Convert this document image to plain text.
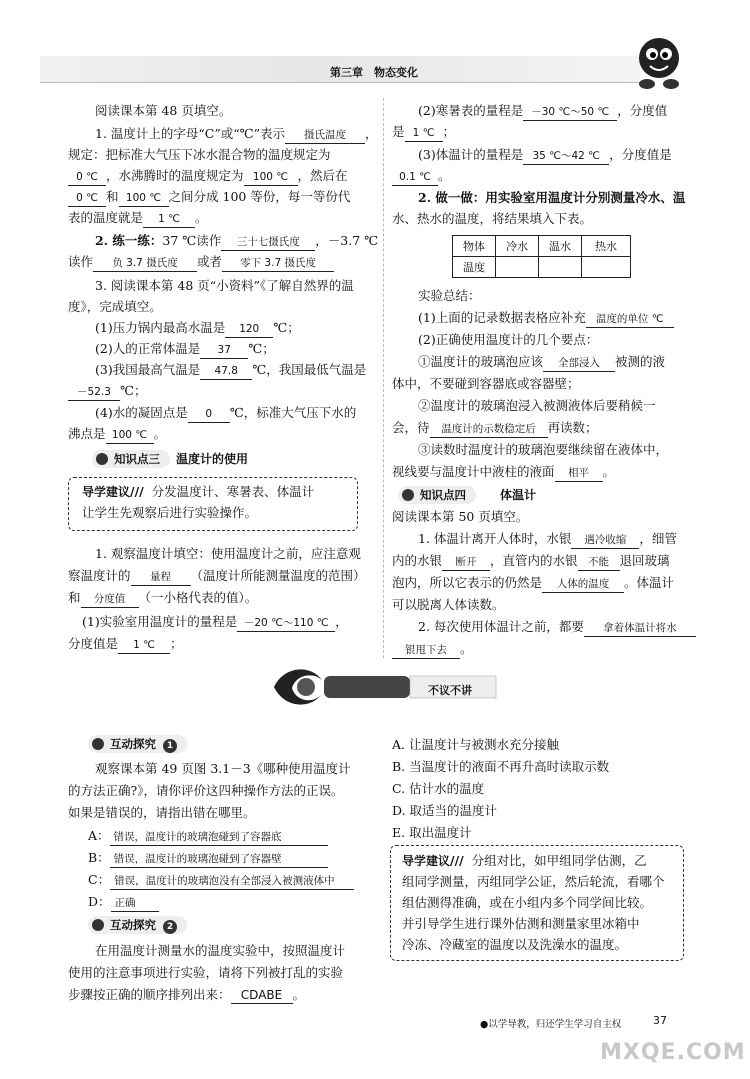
第三章　物态变化
阅读课本第 48 页填空。
1. 温度计上的字母“C”或“℃”表示 摄氏温度 ，
规定：把标准大气压下冰水混合物的温度规定为
0 ℃ ，水沸腾时的温度规定为 100 ℃ ，然后在
0 ℃ 和 100 ℃ 之间分成 100 等份，每一等份代
表的温度就是 1 ℃ 。
2. 练一练：37 ℃读作 三十七摄氏度 ，－3.7 ℃
读作 负 3.7 摄氏度 或者 零下 3.7 摄氏度
3. 阅读课本第 48 页“小资料”《了解自然界的温
度》，完成填空。
(1)压力锅内最高水温是 120 ℃；
(2)人的正常体温是 37 ℃；
(3)我国最高气温是 47.8 ℃，我国最低气温是
－52.3 ℃；
(4)水的凝固点是 0 ℃，标准大气压下水的
沸点是 100 ℃ 。
知识点三	温度计的使用
导学建议/// 分发温度计、寒暑表、体温计
让学生先观察后进行实验操作。
1. 观察温度计填空：使用温度计之前，应注意观
察温度计的 量程 （温度计所能测量温度的范围）
和 分度值 （一小格代表的值）。
(1)实验室用温度计的量程是 －20 ℃～110 ℃ ，
分度值是 1 ℃ ；
(2)寒暑表的量程是 －30 ℃～50 ℃ ，分度值
是 1 ℃ ；
(3)体温计的量程是 35 ℃～42 ℃ ，分度值是
0.1 ℃ 。
2. 做一做：用实验室用温度计分别测量冷水、温
水、热水的温度，将结果填入下表。
物体	冷水	温水	热水
温度			
实验总结：
(1)上面的记录数据表格应补充 温度的单位 ℃
(2)正确使用温度计的几个要点：
①温度计的玻璃泡应该 全部浸入 被测的液
体中，不要碰到容器底或容器壁；
②温度计的玻璃泡浸入被测液体后要稍候一
会，待 温度计的示数稳定后 再读数；
③读数时温度计的玻璃泡要继续留在液体中，
视线要与温度计中液柱的液面 相平 。
知识点四	体温计
阅读课本第 50 页填空。
1. 体温计离开人体时，水银 遇冷收缩 ，细管
内的水银 断开 ，直管内的水银 不能 退回玻璃
泡内，所以它表示的仍然是 人体的温度 。体温计
可以脱离人体读数。
2. 每次使用体温计之前，都要 拿着体温计将水
银甩下去 。
不议不讲
互动探究 1
观察课本第 49 页图 3.1－3《哪种使用温度计
的方法正确?》，请你评价这四种操作方法的正误。
如果是错误的，请指出错在哪里。
A： 错误，温度计的玻璃泡碰到了容器底
B： 错误，温度计的玻璃泡碰到了容器壁
C： 错误，温度计的玻璃泡没有全部浸入被测液体中
D： 正确
互动探究 2
在用温度计测量水的温度实验中，按照温度计
使用的注意事项进行实验，请将下列被打乱的实验
步骤按正确的顺序排列出来： CDABE 。
A. 让温度计与被测水充分接触
B. 当温度计的液面不再升高时读取示数
C. 估计水的温度
D. 取适当的温度计
E. 取出温度计
导学建议/// 分组对比，如甲组同学估测，乙
组同学测量，丙组同学公证，然后轮流，看哪个
组估测得准确，或在小组内多个同学间比较。
并引导学生进行课外估测和测量家里冰箱中
冷冻、冷藏室的温度以及洗澡水的温度。
●以学导教，归还学生学习自主权	37
MXQE.COM
